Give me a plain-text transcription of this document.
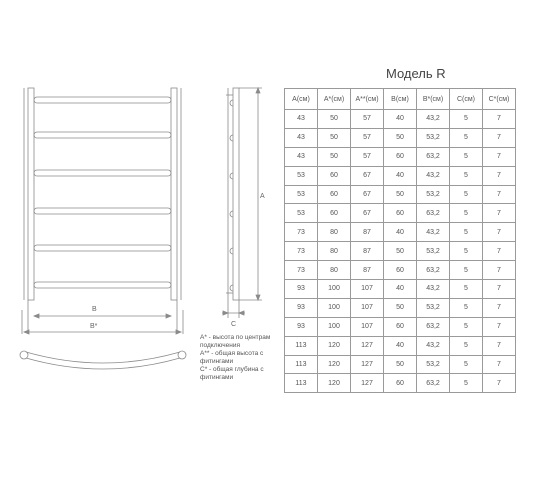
В
В*
А
С
Модель R
А* - высота по центрам подключения
А** - общая высота с фитингами
С* - общая глубина с фитингами
А(см)	А*(см)	А**(см)	В(см)	В*(см)	С(см)	С*(см)
43	50	57	40	43,2	5	7
43	50	57	50	53,2	5	7
43	50	57	60	63,2	5	7
53	60	67	40	43,2	5	7
53	60	67	50	53,2	5	7
53	60	67	60	63,2	5	7
73	80	87	40	43,2	5	7
73	80	87	50	53,2	5	7
73	80	87	60	63,2	5	7
93	100	107	40	43,2	5	7
93	100	107	50	53,2	5	7
93	100	107	60	63,2	5	7
113	120	127	40	43,2	5	7
113	120	127	50	53,2	5	7
113	120	127	60	63,2	5	7
